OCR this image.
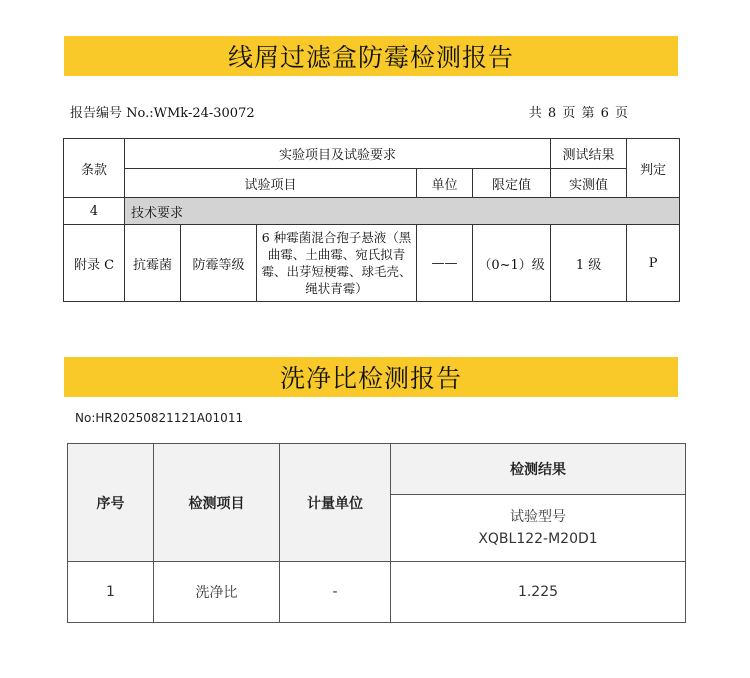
线屑过滤盒防霉检测报告
报告编号 No.:WMk-24-30072	共 8 页 第 6 页
条款	实验项目及试验要求					测试结果	判定
	试验项目			单位	限定值	实测值	
4	技术要求						
附录 C	抗霉菌	防霉等级	6 种霉菌混合孢子悬液（黑曲霉、土曲霉、宛氏拟青霉、出芽短梗霉、球毛壳、绳状青霉）	——	（0~1）级	1 级	P
洗净比检测报告
No:HR20250821121A01011
序号	检测项目	计量单位	检测结果

			试验型号
XQBL122-M20D1

1	洗净比	-	1.225
